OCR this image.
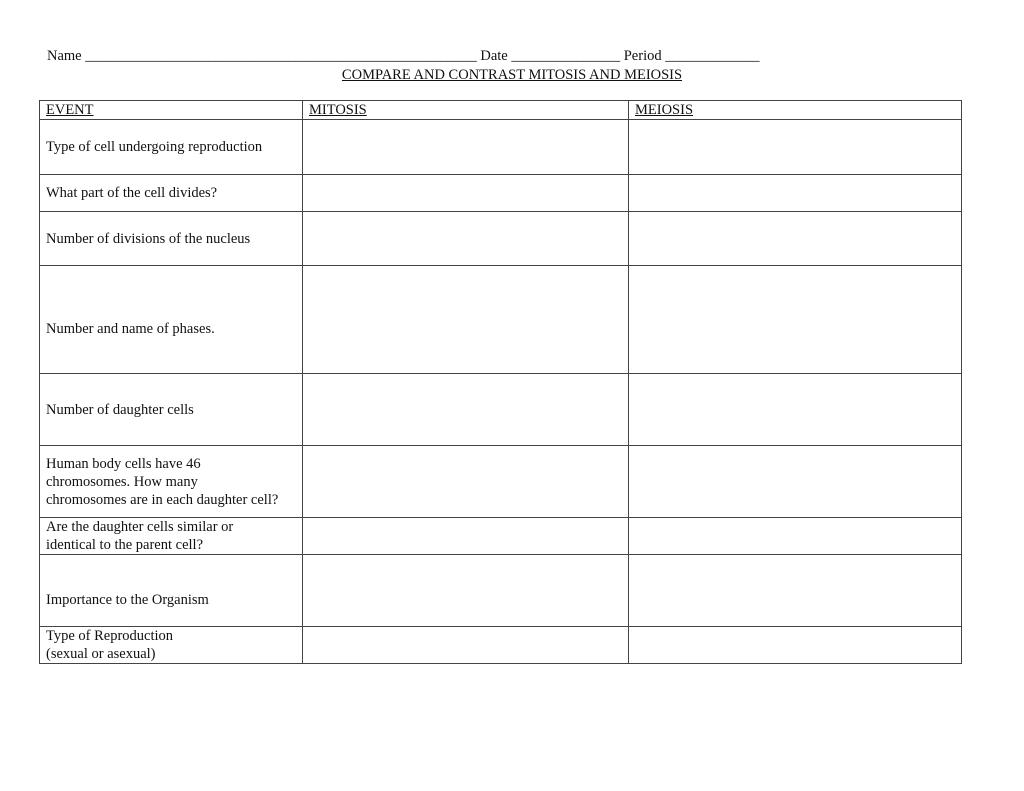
Name ______________________________________________________ Date _______________ Period _____________
COMPARE AND CONTRAST MITOSIS AND MEIOSIS
EVENT	MITOSIS	MEIOSIS
Type of cell undergoing reproduction		
What part of the cell divides?		
Number of divisions of the nucleus		
Number and name of phases.		
Number of daughter cells		
Human body cells have 46
chromosomes. How many
chromosomes are in each daughter cell?		
Are the daughter cells similar or
identical to the parent cell?		
Importance to the Organism		
Type of Reproduction
(sexual or asexual)		
